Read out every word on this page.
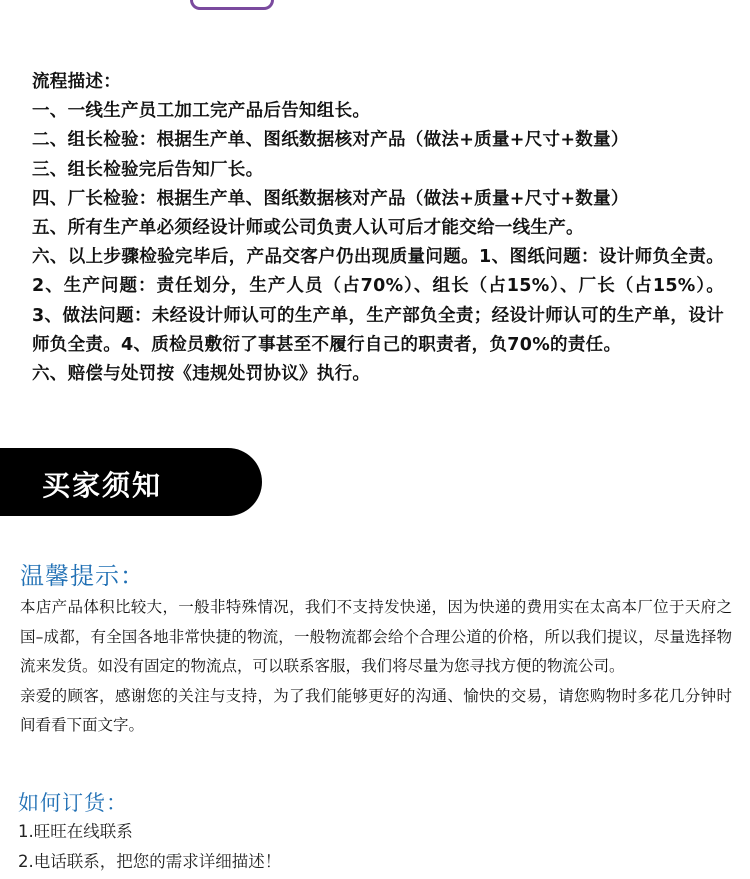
流程描述：

一、一线生产员工加工完产品后告知组长。

二、组长检验：根据生产单、图纸数据核对产品（做法+质量+尺寸+数量）

三、组长检验完后告知厂长。

四、厂长检验：根据生产单、图纸数据核对产品（做法+质量+尺寸+数量）

五、所有生产单必须经设计师或公司负责人认可后才能交给一线生产。

六、以上步骤检验完毕后，产品交客户仍出现质量问题。1、图纸问题：设计师负全责。2、生产问题：责任划分，生产人员（占70%）、组长（占15%）、厂长（占15%）。3、做法问题：未经设计师认可的生产单，生产部负全责；经设计师认可的生产单，设计师负全责。4、质检员敷衍了事甚至不履行自己的职责者，负70%的责任。

六、赔偿与处罚按《违规处罚协议》执行。

买家须知
温馨提示：

本店产品体积比较大，一般非特殊情况，我们不支持发快递，因为快递的费用实在太高本厂位于天府之国–成都，有全国各地非常快捷的物流，一般物流都会给个合理公道的价格，所以我们提议，尽量选择物流来发货。如没有固定的物流点，可以联系客服，我们将尽量为您寻找方便的物流公司。

亲爱的顾客，感谢您的关注与支持，为了我们能够更好的沟通、愉快的交易，请您购物时多花几分钟时间看看下面文字。

如何订货：

1.旺旺在线联系

2.电话联系，把您的需求详细描述！
